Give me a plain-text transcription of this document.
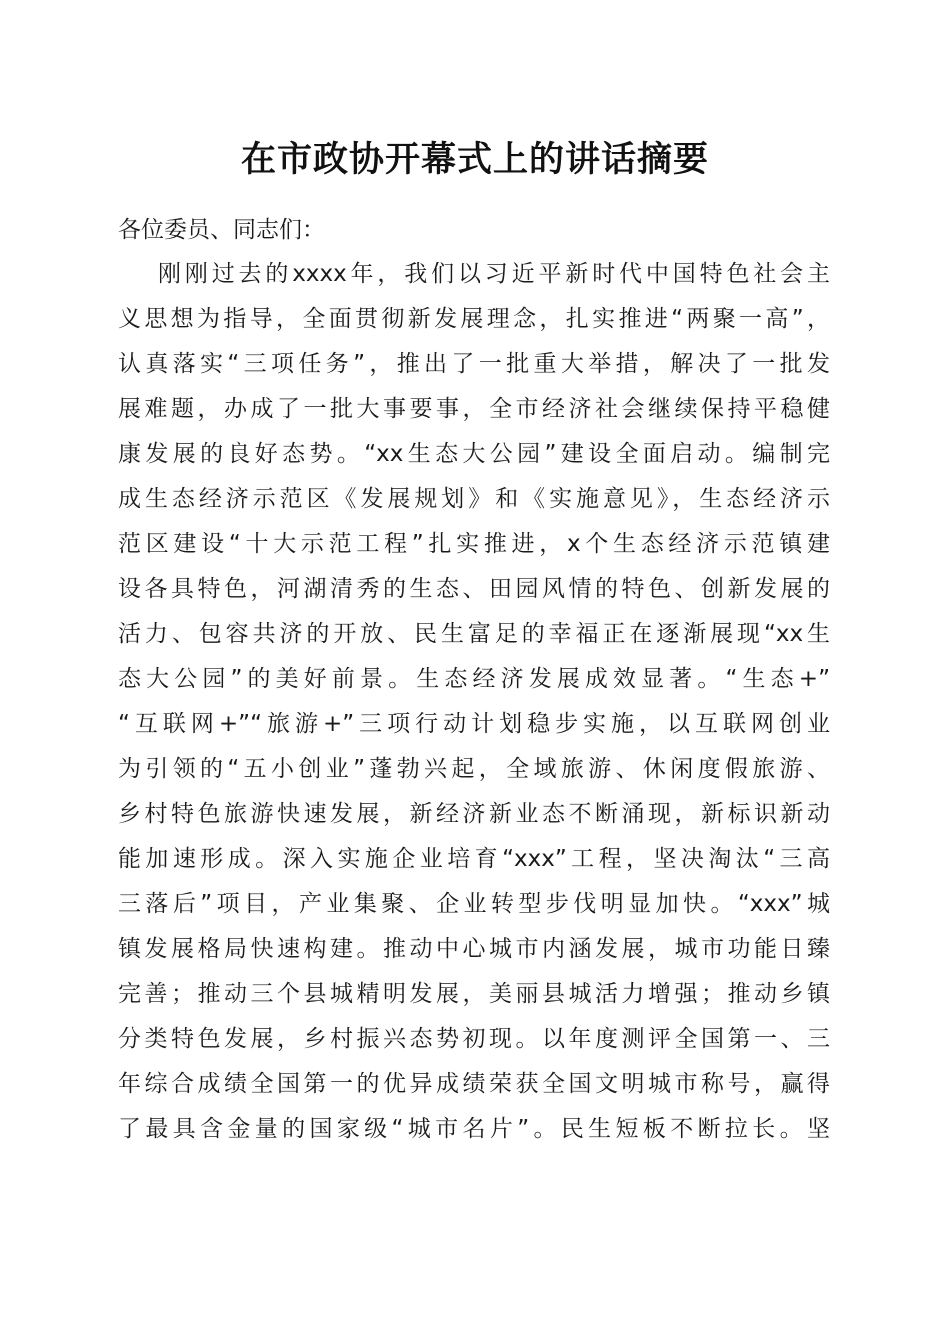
在市政协开幕式上的讲话摘要
各位委员、同志们：
刚刚过去的xxxx年，我们以习近平新时代中国特色社会主
义思想为指导，全面贯彻新发展理念，扎实推进“两聚一高”，
认真落实“三项任务”，推出了一批重大举措，解决了一批发
展难题，办成了一批大事要事，全市经济社会继续保持平稳健
康发展的良好态势。“xx生态大公园”建设全面启动。编制完
成生态经济示范区《发展规划》和《实施意见》，生态经济示
范区建设“十大示范工程”扎实推进，x个生态经济示范镇建
设各具特色，河湖清秀的生态、田园风情的特色、创新发展的
活力、包容共济的开放、民生富足的幸福正在逐渐展现“xx生
态大公园”的美好前景。生态经济发展成效显著。“生态+”
“互联网+”“旅游+”三项行动计划稳步实施，以互联网创业
为引领的“五小创业”蓬勃兴起，全域旅游、休闲度假旅游、
乡村特色旅游快速发展，新经济新业态不断涌现，新标识新动
能加速形成。深入实施企业培育“xxx”工程，坚决淘汰“三高
三落后”项目，产业集聚、企业转型步伐明显加快。“xxx”城
镇发展格局快速构建。推动中心城市内涵发展，城市功能日臻
完善；推动三个县城精明发展，美丽县城活力增强；推动乡镇
分类特色发展，乡村振兴态势初现。以年度测评全国第一、三
年综合成绩全国第一的优异成绩荣获全国文明城市称号，赢得
了最具含金量的国家级“城市名片”。民生短板不断拉长。坚
